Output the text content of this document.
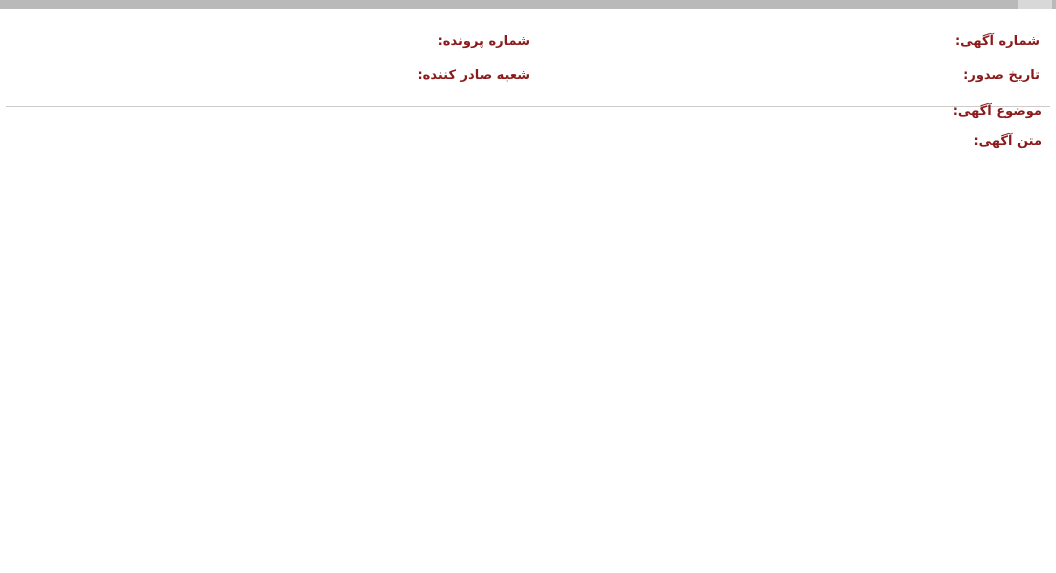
شماره آگهی:
شماره پرونده:
تاریخ صدور:
شعبه صادر کننده:
موضوع آگهی:
متن آگهی:
